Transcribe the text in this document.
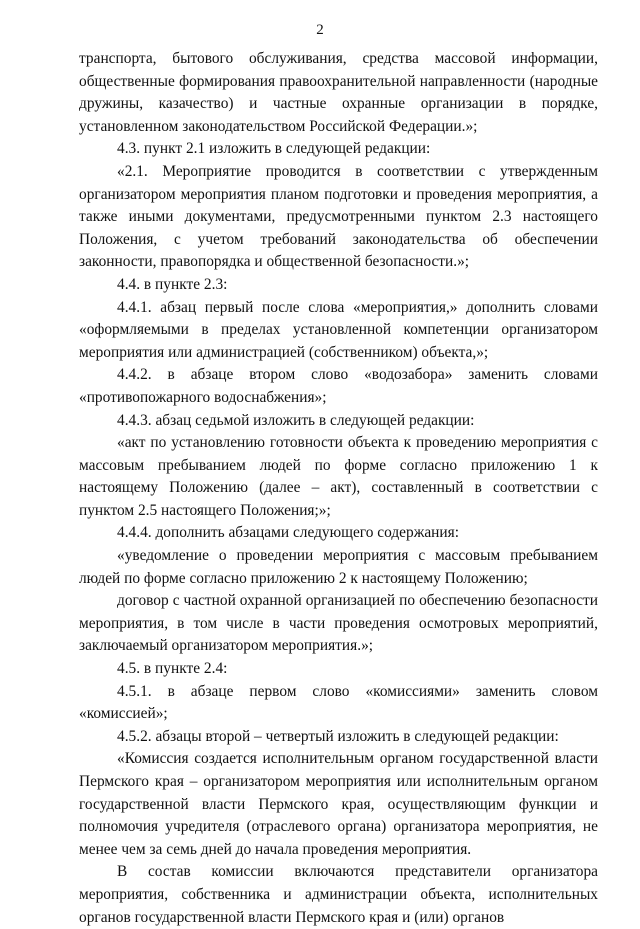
2

транспорта, бытового обслуживания, средства массовой информации, общественные формирования правоохранительной направленности (народные дружины, казачество) и частные охранные организации в порядке, установленном законодательством Российской Федерации.»;

4.3. пункт 2.1 изложить в следующей редакции:

«2.1. Мероприятие проводится в соответствии с утвержденным организатором мероприятия планом подготовки и проведения мероприятия, а также иными документами, предусмотренными пунктом 2.3 настоящего Положения, с учетом требований законодательства об обеспечении законности, правопорядка и общественной безопасности.»;

4.4. в пункте 2.3:

4.4.1. абзац первый после слова «мероприятия,» дополнить словами «оформляемыми в пределах установленной компетенции организатором мероприятия или администрацией (собственником) объекта,»;

4.4.2. в абзаце втором слово «водозабора» заменить словами «противопожарного водоснабжения»;

4.4.3. абзац седьмой изложить в следующей редакции:

«акт по установлению готовности объекта к проведению мероприятия с массовым пребыванием людей по форме согласно приложению 1 к настоящему Положению (далее – акт), составленный в соответствии с пунктом 2.5 настоящего Положения;»;

4.4.4. дополнить абзацами следующего содержания:

«уведомление о проведении мероприятия с массовым пребыванием людей по форме согласно приложению 2 к настоящему Положению;

договор с частной охранной организацией по обеспечению безопасности мероприятия, в том числе в части проведения осмотровых мероприятий, заключаемый организатором мероприятия.»;

4.5. в пункте 2.4:

4.5.1. в абзаце первом слово «комиссиями» заменить словом «комиссией»;

4.5.2. абзацы второй – четвертый изложить в следующей редакции:

«Комиссия создается исполнительным органом государственной власти Пермского края – организатором мероприятия или исполнительным органом государственной власти Пермского края, осуществляющим функции и полномочия учредителя (отраслевого органа) организатора мероприятия, не менее чем за семь дней до начала проведения мероприятия.

В состав комиссии включаются представители организатора мероприятия, собственника и администрации объекта, исполнительных органов государственной власти Пермского края и (или) органов
